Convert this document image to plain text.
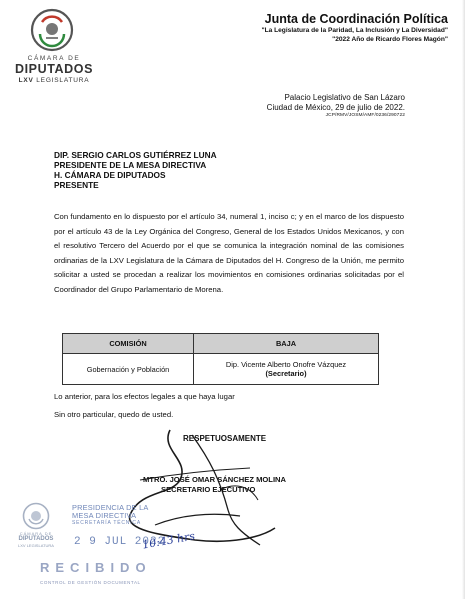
CÁMARA DE
DIPUTADOS
LXV LEGISLATURA
Junta de Coordinación Política
"La Legislatura de la Paridad, La Inclusión y La Diversidad"
"2022 Año de Ricardo Flores Magón"
Palacio Legislativo de San Lázaro
Ciudad de México, 29 de julio de 2022.
JCP/RMV/JOSM/AMF/0236/290722
DIP. SERGIO CARLOS GUTIÉRREZ LUNA
PRESIDENTE DE LA MESA DIRECTIVA
H. CÁMARA DE DIPUTADOS
PRESENTE
Con fundamento en lo dispuesto por el artículo 34, numeral 1, inciso c; y en el marco de los dispuesto por el artículo 43 de la Ley Orgánica del Congreso, General de los Estados Unidos Mexicanos, y con el resolutivo Tercero del Acuerdo por el que se comunica la integración nominal de las comisiones ordinarias de la LXV Legislatura de la Cámara de Diputados del H. Congreso de la Unión, me permito solicitar a usted se procedan a realizar los movimientos en comisiones ordinarias solicitadas por el Coordinador del Grupo Parlamentario de Morena.
COMISIÓN	BAJA
Gobernación y Población	Dip. Vicente Alberto Onofre Vázquez
(Secretario)
Lo anterior, para los efectos legales a que haya lugar
Sin otro particular, quedo de usted.
RESPETUOSAMENTE
MTRO. JOSÉ OMAR SÁNCHEZ MOLINA
SECRETARIO EJECUTIVO
CÁMARA DE
DIPUTADOS
LXV LEGISLATURA
PRESIDENCIA DE LA
MESA DIRECTIVA
SECRETARÍA TÉCNICA
2 9 JUL 2022
10:43 hrs
RECIBIDO
CONTROL DE GESTIÓN DOCUMENTAL
